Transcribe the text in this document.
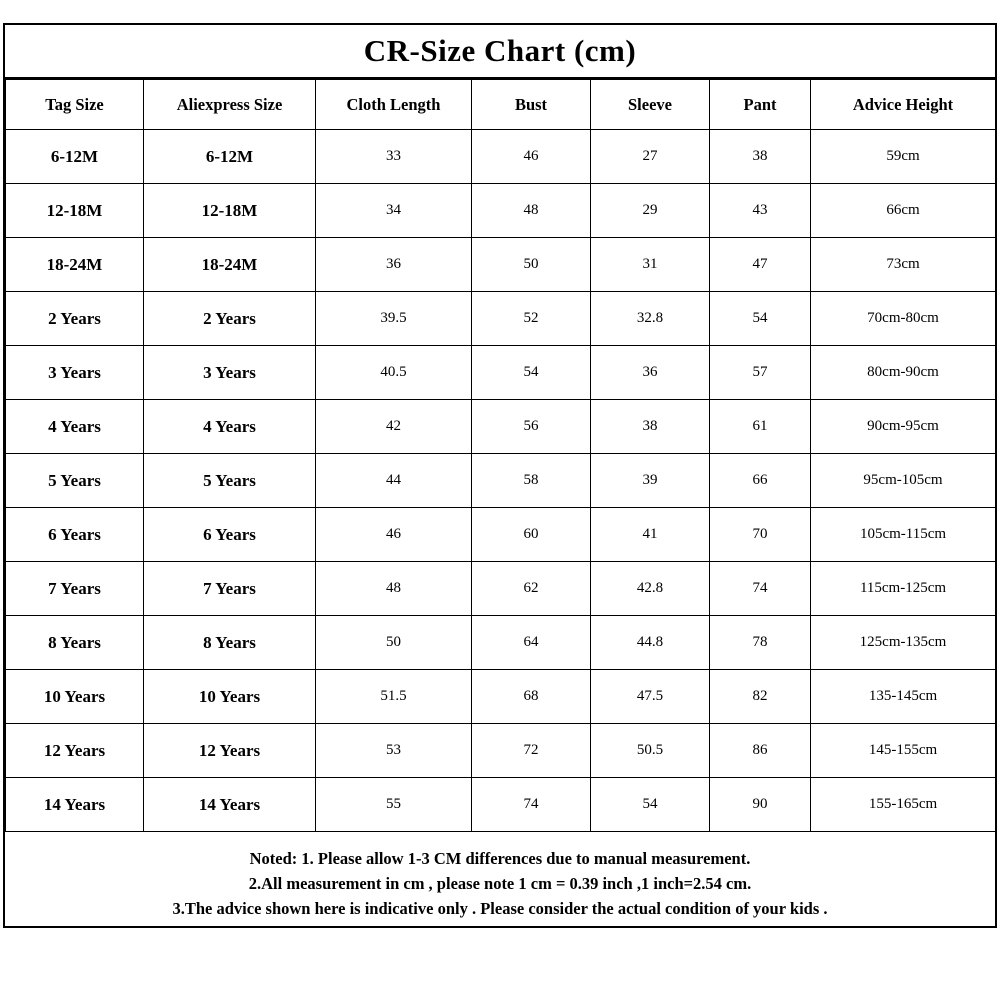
CR-Size Chart (cm)
Tag Size	Aliexpress Size	Cloth Length	Bust	Sleeve	Pant	Advice Height
6-12M	6-12M	33	46	27	38	59cm
12-18M	12-18M	34	48	29	43	66cm
18-24M	18-24M	36	50	31	47	73cm
2 Years	2 Years	39.5	52	32.8	54	70cm-80cm
3 Years	3 Years	40.5	54	36	57	80cm-90cm
4 Years	4 Years	42	56	38	61	90cm-95cm
5 Years	5 Years	44	58	39	66	95cm-105cm
6 Years	6 Years	46	60	41	70	105cm-115cm
7 Years	7 Years	48	62	42.8	74	115cm-125cm
8 Years	8 Years	50	64	44.8	78	125cm-135cm
10 Years	10 Years	51.5	68	47.5	82	135-145cm
12 Years	12 Years	53	72	50.5	86	145-155cm
14 Years	14 Years	55	74	54	90	155-165cm
Noted: 1. Please allow 1-3 CM differences due to manual measurement.
2.All measurement in cm , please note 1 cm = 0.39 inch ,1 inch=2.54 cm.
3.The advice shown here is indicative only . Please consider the actual condition of your kids .
